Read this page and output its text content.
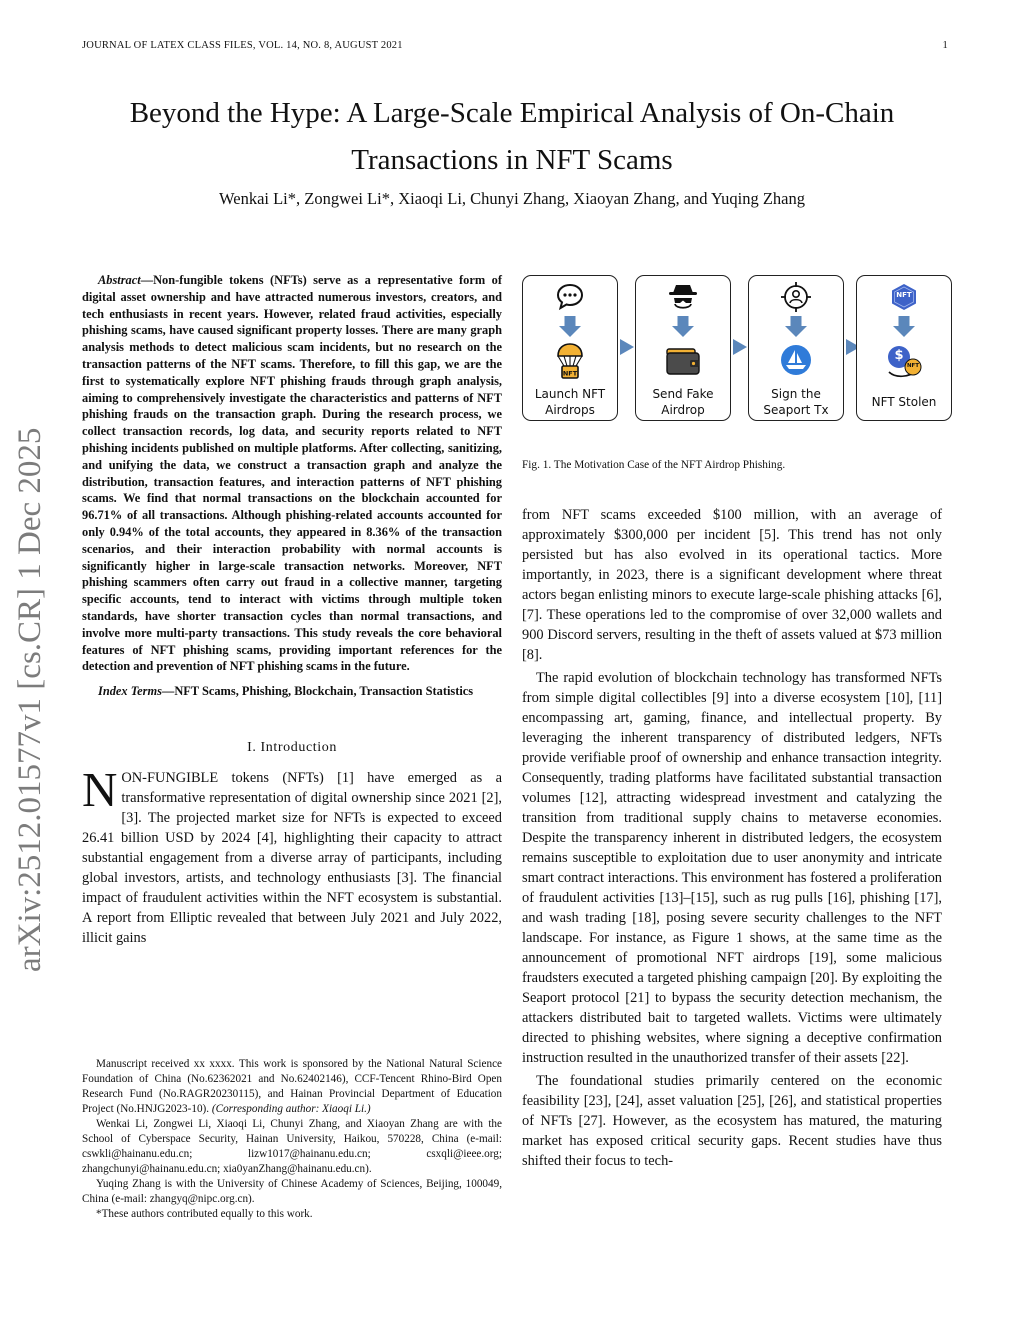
JOURNAL OF LATEX CLASS FILES, VOL. 14, NO. 8, AUGUST 2021	1
Beyond the Hype: A Large-Scale Empirical Analysis of On-Chain Transactions in NFT Scams
Wenkai Li*, Zongwei Li*, Xiaoqi Li, Chunyi Zhang, Xiaoyan Zhang, and Yuqing Zhang
arXiv:2512.01577v1 [cs.CR] 1 Dec 2025

Abstract—Non-fungible tokens (NFTs) serve as a representative form of digital asset ownership and have attracted numerous investors, creators, and tech enthusiasts in recent years. However, related fraud activities, especially phishing scams, have caused significant property losses. There are many graph analysis methods to detect malicious scam incidents, but no research on the transaction patterns of the NFT scams. Therefore, to fill this gap, we are the first to systematically explore NFT phishing frauds through graph analysis, aiming to comprehensively investigate the characteristics and patterns of NFT phishing frauds on the transaction graph. During the research process, we collect transaction records, log data, and security reports related to NFT phishing incidents published on multiple platforms. After collecting, sanitizing, and unifying the data, we construct a transaction graph and analyze the distribution, transaction features, and interaction patterns of NFT phishing scams. We find that normal transactions on the blockchain accounted for 96.71% of all transactions. Although phishing-related accounts accounted for only 0.94% of the total accounts, they appeared in 8.36% of the transaction scenarios, and their interaction probability with normal accounts is significantly higher in large-scale transaction networks. Moreover, NFT phishing scammers often carry out fraud in a collective manner, targeting specific accounts, tend to interact with victims through multiple token standards, have shorter transaction cycles than normal transactions, and involve more multi-party transactions. This study reveals the core behavioral features of NFT phishing scams, providing important references for the detection and prevention of NFT phishing scams in the future.

Index Terms—NFT Scams, Phishing, Blockchain, Transaction Statistics

I. Introduction

NON-FUNGIBLE tokens (NFTs) [1] have emerged as a transformative representation of digital ownership since 2021 [2], [3]. The projected market size for NFTs is expected to exceed 26.41 billion USD by 2024 [4], highlighting their capacity to attract substantial engagement from a diverse array of participants, including global investors, artists, and technology enthusiasts [3]. The financial impact of fraudulent activities within the NFT ecosystem is substantial. A report from Elliptic revealed that between July 2021 and July 2022, illicit gains

Manuscript received xx xxxx. This work is sponsored by the National Natural Science Foundation of China (No.62362021 and No.62402146), CCF-Tencent Rhino-Bird Open Research Fund (No.RAGR20230115), and Hainan Provincial Department of Education Project (No.HNJG2023-10). (Corresponding author: Xiaoqi Li.)

Wenkai Li, Zongwei Li, Xiaoqi Li, Chunyi Zhang, and Xiaoyan Zhang are with the School of Cyberspace Security, Hainan University, Haikou, 570228, China (e-mail: cswkli@hainanu.edu.cn; lizw1017@hainanu.edu.cn; csxqli@ieee.org; zhangchunyi@hainanu.edu.cn; xia0yanZhang@hainanu.edu.cn).

Yuqing Zhang is with the University of Chinese Academy of Sciences, Beijing, 100049, China (e-mail: zhangyq@nipc.org.cn).

*These authors contributed equally to this work.

NFT
Launch NFT
Airdrops
Send Fake
Airdrop
Sign the
Seaport Tx
NFT
$
NFT
NFT Stolen
Fig. 1. The Motivation Case of the NFT Airdrop Phishing.

from NFT scams exceeded $100 million, with an average of approximately $300,000 per incident [5]. This trend has not only persisted but has also evolved in its operational tactics. More importantly, in 2023, there is a significant development where threat actors began enlisting minors to execute large-scale phishing attacks [6], [7]. These operations led to the compromise of over 32,000 wallets and 900 Discord servers, resulting in the theft of assets valued at $73 million [8].

The rapid evolution of blockchain technology has transformed NFTs from simple digital collectibles [9] into a diverse ecosystem [10], [11] encompassing art, gaming, finance, and intellectual property. By leveraging the inherent transparency of distributed ledgers, NFTs provide verifiable proof of ownership and enhance transaction integrity. Consequently, trading platforms have facilitated substantial transaction volumes [12], attracting widespread investment and catalyzing the transition from traditional supply chains to metaverse economies. Despite the transparency inherent in distributed ledgers, the ecosystem remains susceptible to exploitation due to user anonymity and intricate smart contract interactions. This environment has fostered a proliferation of fraudulent activities [13]–[15], such as rug pulls [16], phishing [17], and wash trading [18], posing severe security challenges to the NFT landscape. For instance, as Figure 1 shows, at the same time as the announcement of promotional NFT airdrops [19], some malicious fraudsters executed a targeted phishing campaign [20]. By exploiting the Seaport protocol [21] to bypass the security detection mechanism, the attackers distributed bait to targeted wallets. Victims were ultimately directed to phishing websites, where signing a deceptive confirmation instruction resulted in the unauthorized transfer of their assets [22].

The foundational studies primarily centered on the economic feasibility [23], [24], asset valuation [25], [26], and statistical properties of NFTs [27]. However, as the ecosystem has matured, the maturing market has exposed critical security gaps. Recent studies have thus shifted their focus to tech-
